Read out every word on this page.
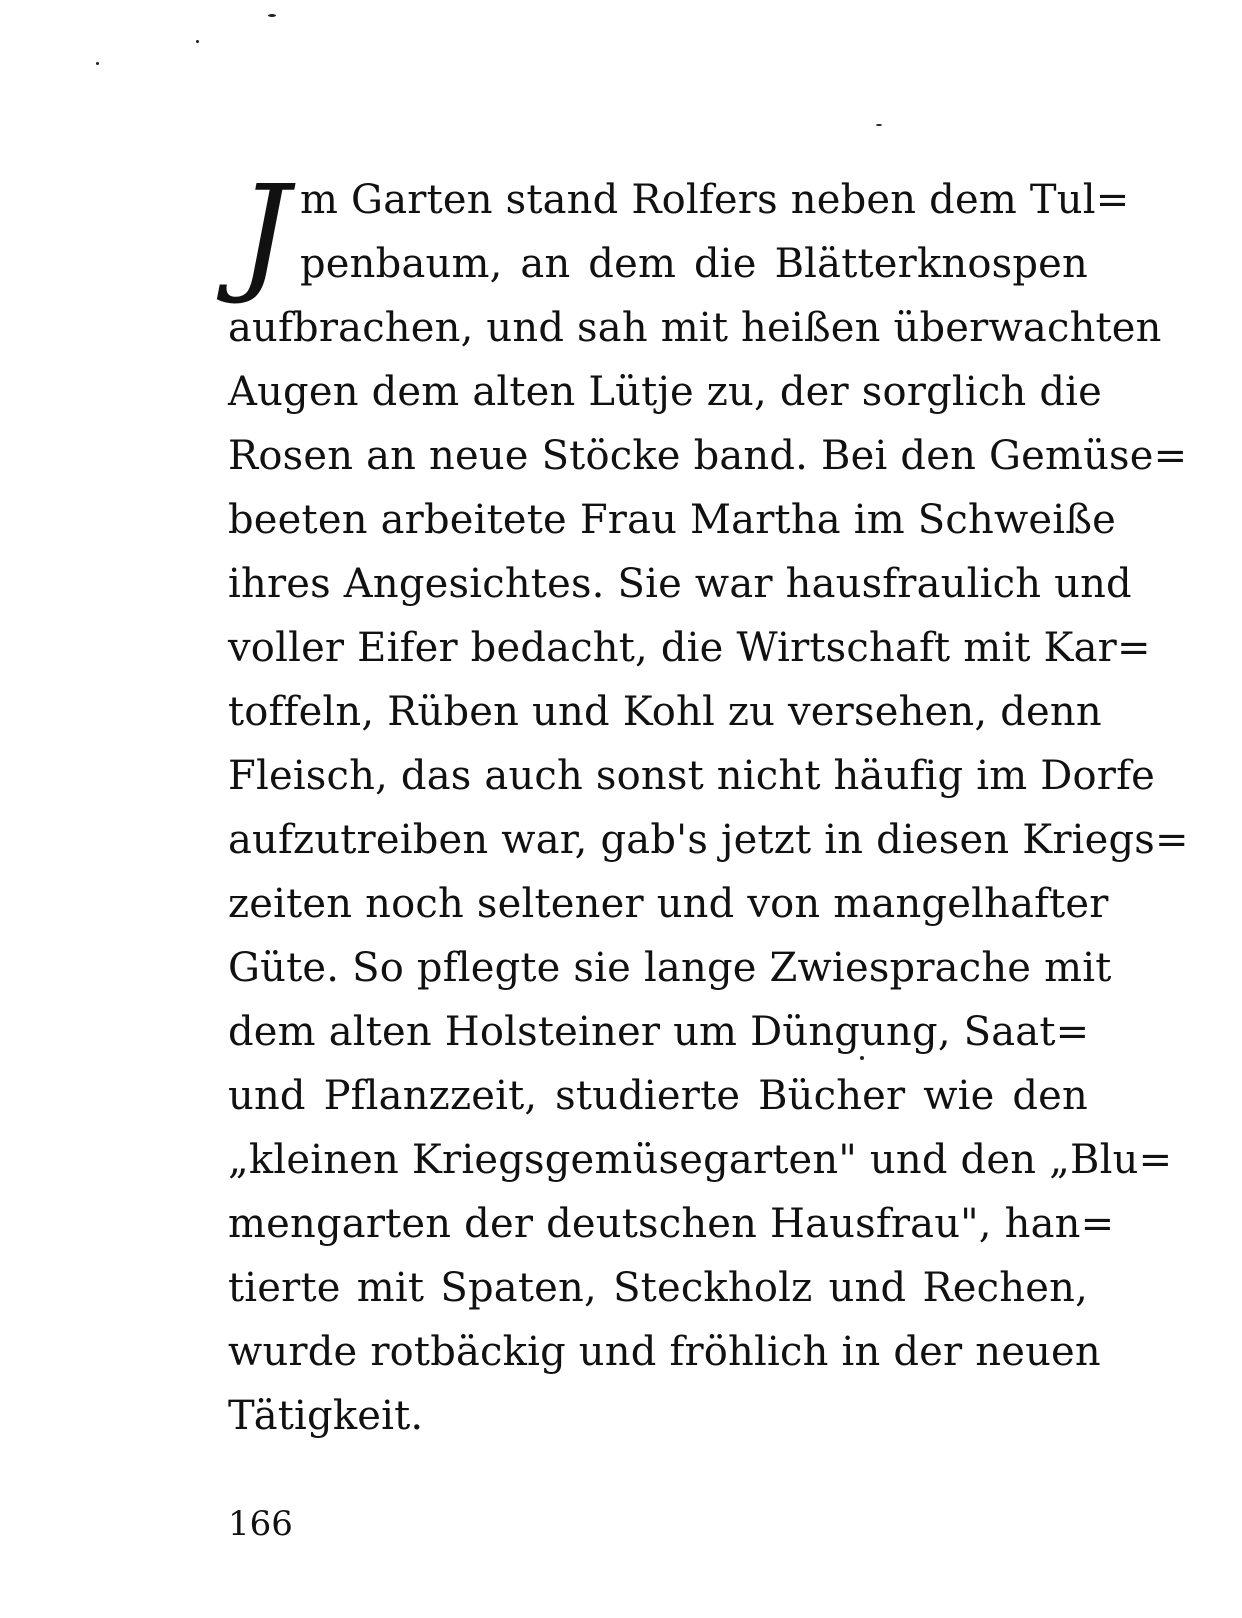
J m Garten stand Rolfers neben dem Tul=
penbaum, an dem die Blätterknospen
aufbrachen, und sah mit heißen überwachten
Augen dem alten Lütje zu, der sorglich die
Rosen an neue Stöcke band. Bei den Gemüse=
beeten arbeitete Frau Martha im Schweiße
ihres Angesichtes. Sie war hausfraulich und
voller Eifer bedacht, die Wirtschaft mit Kar=
toffeln, Rüben und Kohl zu versehen, denn
Fleisch, das auch sonst nicht häufig im Dorfe
aufzutreiben war, gab's jetzt in diesen Kriegs=
zeiten noch seltener und von mangelhafter
Güte. So pflegte sie lange Zwiesprache mit
dem alten Holsteiner um Düngung, Saat=
und Pflanzzeit, studierte Bücher wie den
„kleinen Kriegsgemüsegarten" und den „Blu=
mengarten der deutschen Hausfrau", han=
tierte mit Spaten, Steckholz und Rechen,
wurde rotbäckig und fröhlich in der neuen
Tätigkeit.
166
